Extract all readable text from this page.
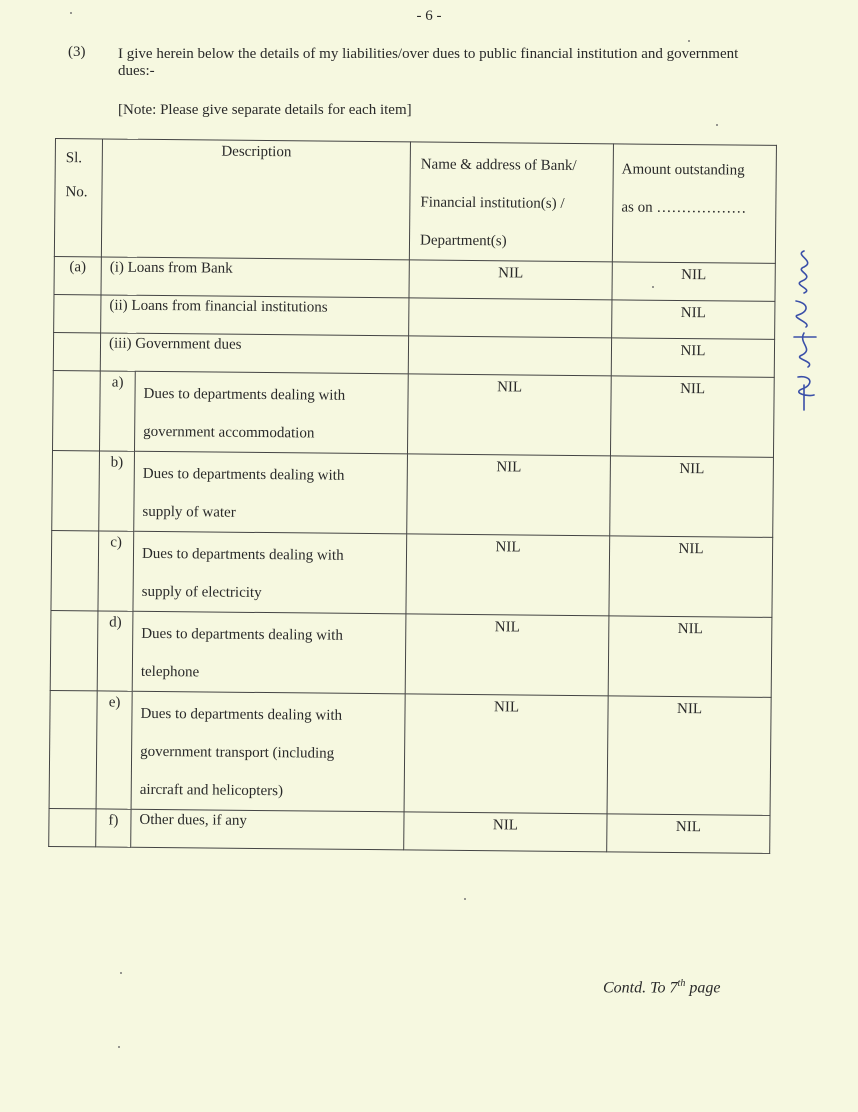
- 6 -
(3) I give herein below the details of my liabilities/over dues to public financial institution and government dues:-
[Note: Please give separate details for each item]
Sl.
No.	Description		Name & address of Bank/
Financial institution(s) /
Department(s)	Amount outstanding
as on ………………

(a)	(i) Loans from Bank		NIL	NIL
	(ii) Loans from financial institutions			NIL
	(iii) Government dues			NIL
	a)	Dues to departments dealing with
government accommodation	NIL	NIL
	b)	Dues to departments dealing with
supply of water	NIL	NIL
	c)	Dues to departments dealing with
supply of electricity	NIL	NIL
	d)	Dues to departments dealing with
telephone	NIL	NIL
	e)	Dues to departments dealing with
government transport (including
aircraft and helicopters)	NIL	NIL
	f)	Other dues, if any	NIL	NIL
Contd. To 7th page
